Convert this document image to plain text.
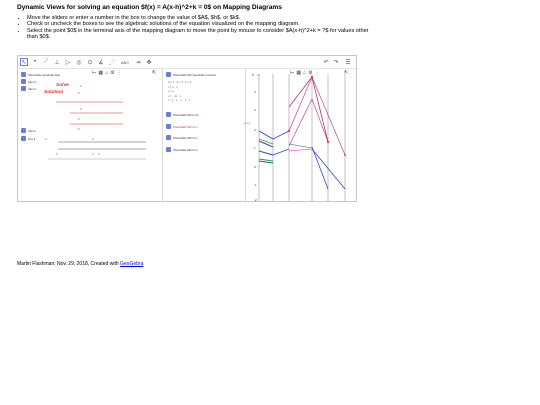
Dynamic Views for solving an equation $f(x) = A(x-h)^2+k = 0$ on Mapping Diagrams
• Move the sliders or enter a number in the box to change the value of $A$, $h$, or $k$.
• Check or uncheck the boxes to see the algebraic solutions of the equation visualized on the mapping diagram.
• Select the point $0$ in the terminal axis of the mapping diagram to move the point by mouse to consider $A(x-h)^2+k = ?$ for values other than $0$.
↖	•	⟋	⊥ ▷ ◎ ⊙ ∡ ⋰	ABC	⇥ ✥	↶ ↷ ☰
⊢ ▦ ⌂ ⚙ ⋮	⇱
Show/Hide Quadratic Eqn
Alter A
Alter h
Solve	x
Solution	x
x
x
x
Alter k
xlev 3	x	x
x	x x
Show/Hide MD Quadratic Function
a = 1   a = 1   x = 4
x = y   x
x = x
x =   4x   x
r = y   x    x    x   x
Show/Hide MD for R
Show/Hide MD for x
Show/Hide MD for x
Show/Hide MD for k
⊢ ▦ ⌂ ⚙ ⋮	⇱
k   x
y = x
4
3
2
1
0
-1
-2
Martin Flashman; Nov. 29, 2018, Created with GeoGebra
